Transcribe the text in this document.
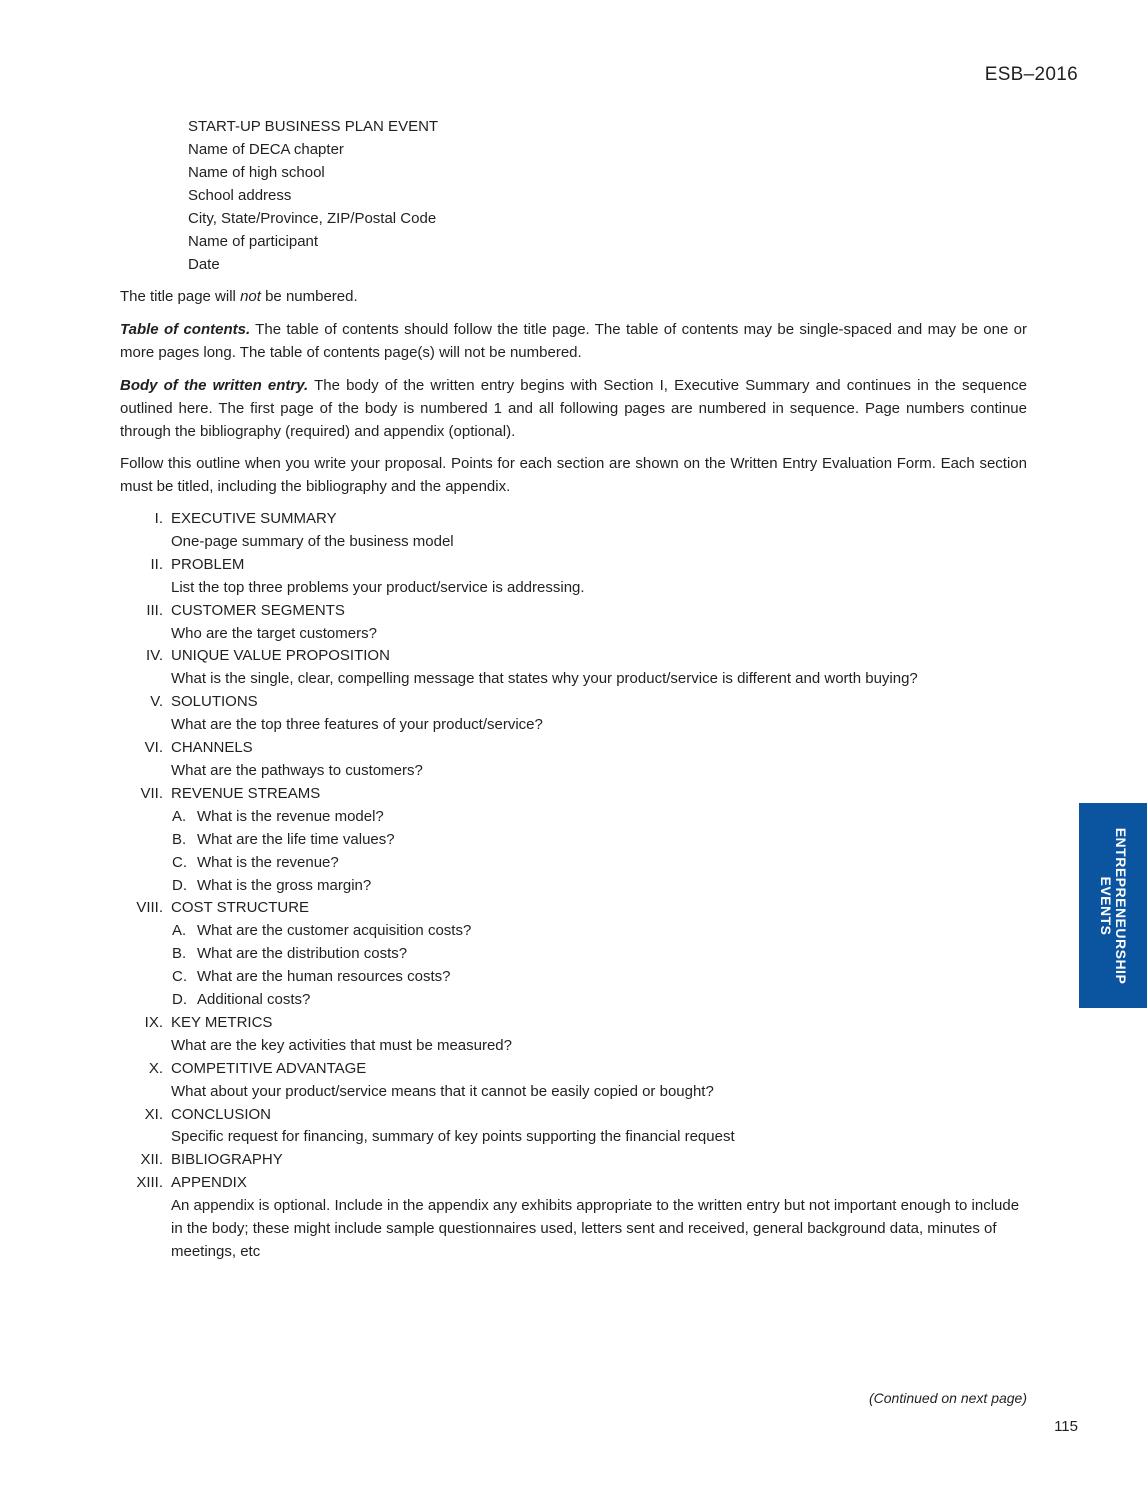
ESB–2016
START-UP BUSINESS PLAN EVENT
Name of DECA chapter
Name of high school
School address
City, State/Province, ZIP/Postal Code
Name of participant
Date
The title page will not be numbered.
Table of contents. The table of contents should follow the title page. The table of contents may be single-spaced and may be one or more pages long. The table of contents page(s) will not be numbered.
Body of the written entry. The body of the written entry begins with Section I, Executive Summary and continues in the sequence outlined here. The first page of the body is numbered 1 and all following pages are numbered in sequence. Page numbers continue through the bibliography (required) and appendix (optional).
Follow this outline when you write your proposal. Points for each section are shown on the Written Entry Evaluation Form. Each section must be titled, including the bibliography and the appendix.
I. EXECUTIVE SUMMARY
One-page summary of the business model
II. PROBLEM
List the top three problems your product/service is addressing.
III. CUSTOMER SEGMENTS
Who are the target customers?
IV. UNIQUE VALUE PROPOSITION
What is the single, clear, compelling message that states why your product/service is different and worth buying?
V. SOLUTIONS
What are the top three features of your product/service?
VI. CHANNELS
What are the pathways to customers?
VII. REVENUE STREAMS
A. What is the revenue model?
B. What are the life time values?
C. What is the revenue?
D. What is the gross margin?
VIII. COST STRUCTURE
A. What are the customer acquisition costs?
B. What are the distribution costs?
C. What are the human resources costs?
D. Additional costs?
IX. KEY METRICS
What are the key activities that must be measured?
X. COMPETITIVE ADVANTAGE
What about your product/service means that it cannot be easily copied or bought?
XI. CONCLUSION
Specific request for financing, summary of key points supporting the financial request
XII. BIBLIOGRAPHY
XIII. APPENDIX
An appendix is optional. Include in the appendix any exhibits appropriate to the written entry but not important enough to include in the body; these might include sample questionnaires used, letters sent and received, general background data, minutes of meetings, etc
(Continued on next page)
115
ENTREPRENEURSHIP
EVENTS
